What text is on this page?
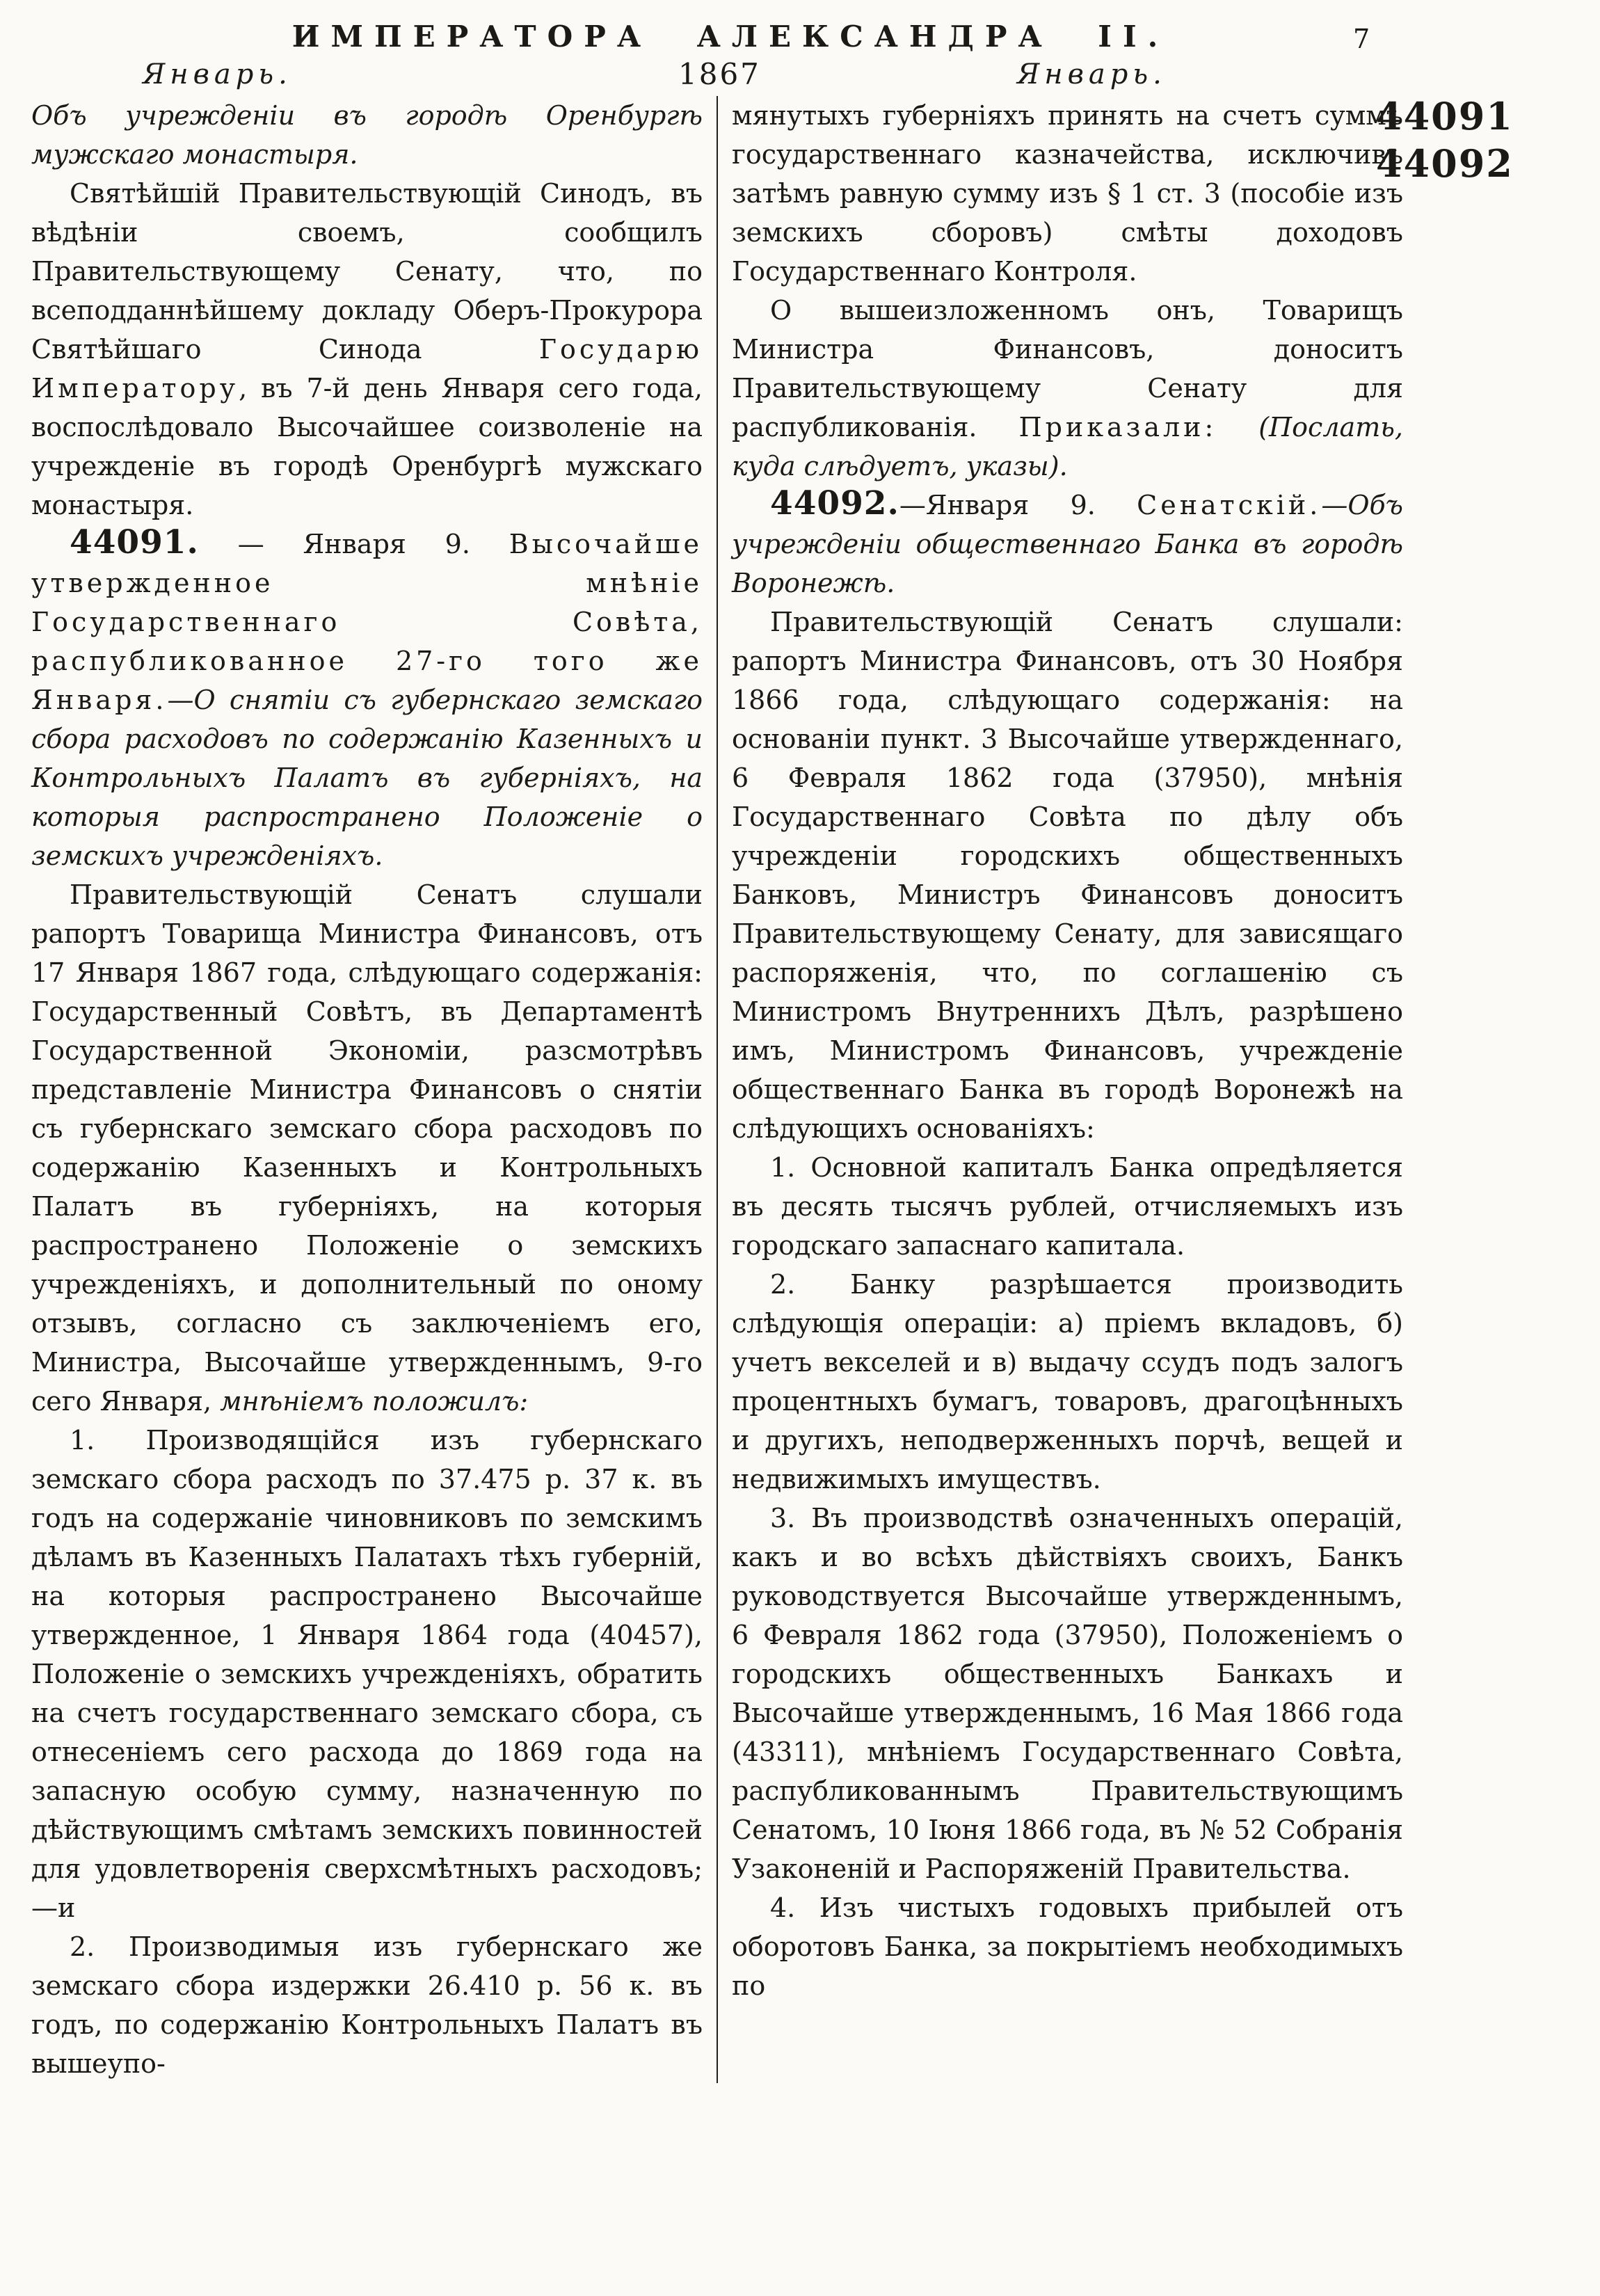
ИМПЕРАТОРА АЛЕКСАНДРА II.	7
Январь.	1867	Январь.
44091
44092

Объ учрежденіи въ городѣ Оренбургѣ мужскаго монастыря.

Святѣйшій Правительствующій Синодъ, въ вѣдѣніи своемъ, сообщилъ Правительствующему Сенату, что, по всеподданнѣйшему докладу Оберъ-Прокурора Святѣйшаго Синода Государю Императору, въ 7-й день Января сего года, воспослѣдовало Высочайшее соизволеніе на учрежденіе въ городѣ Оренбургѣ мужскаго монастыря.

44091. — Января 9. Высочайше утвержденное мнѣніе Государственнаго Совѣта, распубликованное 27-го того же Января.—О снятіи съ губернскаго земскаго сбора расходовъ по содержанію Казенныхъ и Контрольныхъ Палатъ въ губерніяхъ, на которыя распространено Положеніе о земскихъ учрежденіяхъ.

Правительствующій Сенатъ слушали рапортъ Товарища Министра Финансовъ, отъ 17 Января 1867 года, слѣдующаго содержанія: Государственный Совѣтъ, въ Департаментѣ Государственной Экономіи, разсмотрѣвъ представленіе Министра Финансовъ о снятіи съ губернскаго земскаго сбора расходовъ по содержанію Казенныхъ и Контрольныхъ Палатъ въ губерніяхъ, на которыя распространено Положеніе о земскихъ учрежденіяхъ, и дополнительный по оному отзывъ, согласно съ заключеніемъ его, Министра, Высочайше утвержденнымъ, 9-го сего Января, мнѣніемъ положилъ:

1. Производящійся изъ губернскаго земскаго сбора расходъ по 37.475 р. 37 к. въ годъ на содержаніе чиновниковъ по земскимъ дѣламъ въ Казенныхъ Палатахъ тѣхъ губерній, на которыя распространено Высочайше утвержденное, 1 Января 1864 года (40457), Положеніе о земскихъ учрежденіяхъ, обратить на счетъ государственнаго земскаго сбора, съ отнесеніемъ сего расхода до 1869 года на запасную особую сумму, назначенную по дѣйствующимъ смѣтамъ земскихъ повинностей для удовлетворенія сверхсмѣтныхъ расходовъ;—и

2. Производимыя изъ губернскаго же земскаго сбора издержки 26.410 р. 56 к. въ годъ, по содержанію Контрольныхъ Палатъ въ вышеупо-

мянутыхъ губерніяхъ принять на счетъ суммъ государственнаго казначейства, исключивъ затѣмъ равную сумму изъ § 1 ст. 3 (пособіе изъ земскихъ сборовъ) смѣты доходовъ Государственнаго Контроля.

О вышеизложенномъ онъ, Товарищъ Министра Финансовъ, доноситъ Правительствующему Сенату для распубликованія. Приказали: (Послать, куда слѣдуетъ, указы).

44092.—Января 9. Сенатскій.—Объ учрежденіи общественнаго Банка въ городѣ Воронежѣ.

Правительствующій Сенатъ слушали: рапортъ Министра Финансовъ, отъ 30 Ноября 1866 года, слѣдующаго содержанія: на основаніи пункт. 3 Высочайше утвержденнаго, 6 Февраля 1862 года (37950), мнѣнія Государственнаго Совѣта по дѣлу объ учрежденіи городскихъ общественныхъ Банковъ, Министръ Финансовъ доноситъ Правительствующему Сенату, для зависящаго распоряженія, что, по соглашенію съ Министромъ Внутреннихъ Дѣлъ, разрѣшено имъ, Министромъ Финансовъ, учрежденіе общественнаго Банка въ городѣ Воронежѣ на слѣдующихъ основаніяхъ:

1. Основной капиталъ Банка опредѣляется въ десять тысячъ рублей, отчисляемыхъ изъ городскаго запаснаго капитала.

2. Банку разрѣшается производить слѣдующія операціи: а) пріемъ вкладовъ, б) учетъ векселей и в) выдачу ссудъ подъ залогъ процентныхъ бумагъ, товаровъ, драгоцѣнныхъ и другихъ, неподверженныхъ порчѣ, вещей и недвижимыхъ имуществъ.

3. Въ производствѣ означенныхъ операцій, какъ и во всѣхъ дѣйствіяхъ своихъ, Банкъ руководствуется Высочайше утвержденнымъ, 6 Февраля 1862 года (37950), Положеніемъ о городскихъ общественныхъ Банкахъ и Высочайше утвержденнымъ, 16 Мая 1866 года (43311), мнѣніемъ Государственнаго Совѣта, распубликованнымъ Правительствующимъ Сенатомъ, 10 Іюня 1866 года, въ № 52 Собранія Узаконеній и Распоряженій Правительства.

4. Изъ чистыхъ годовыхъ прибылей отъ оборотовъ Банка, за покрытіемъ необходимыхъ по
